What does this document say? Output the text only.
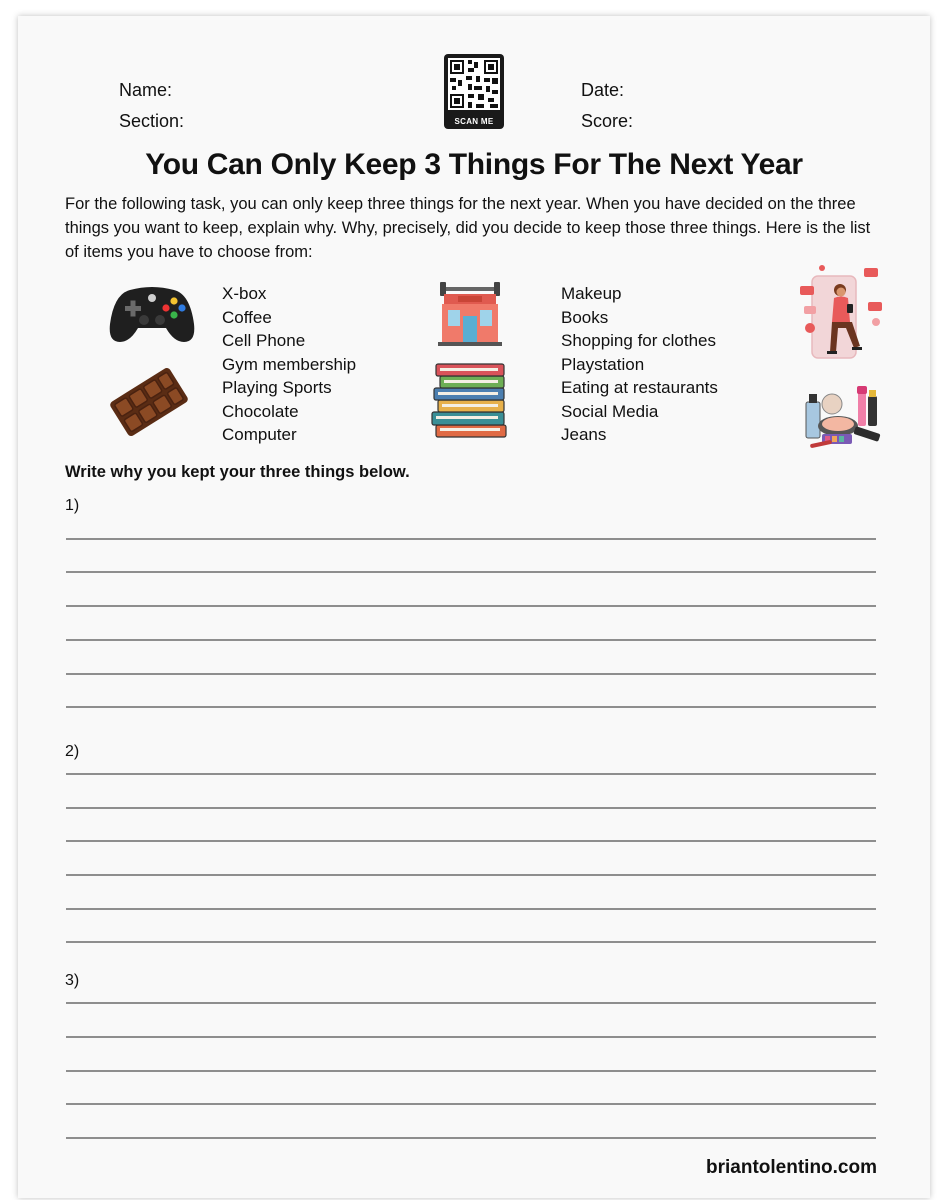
Name:
Section:
Date:
Score:
SCAN ME
You Can Only Keep 3 Things For The Next Year

For the following task, you can only keep three things for the next year. When you have decided on the three things you want to keep, explain why. Why, precisely, did you decide to keep those three things. Here is the list of items you have to choose from:

X-box
Coffee
Cell Phone
Gym membership
Playing Sports
Chocolate
Computer
Makeup
Books
Shopping for clothes
Playstation
Eating at restaurants
Social Media
Jeans
Write why you kept your three things below.
1)
2)
3)
briantolentino.com
